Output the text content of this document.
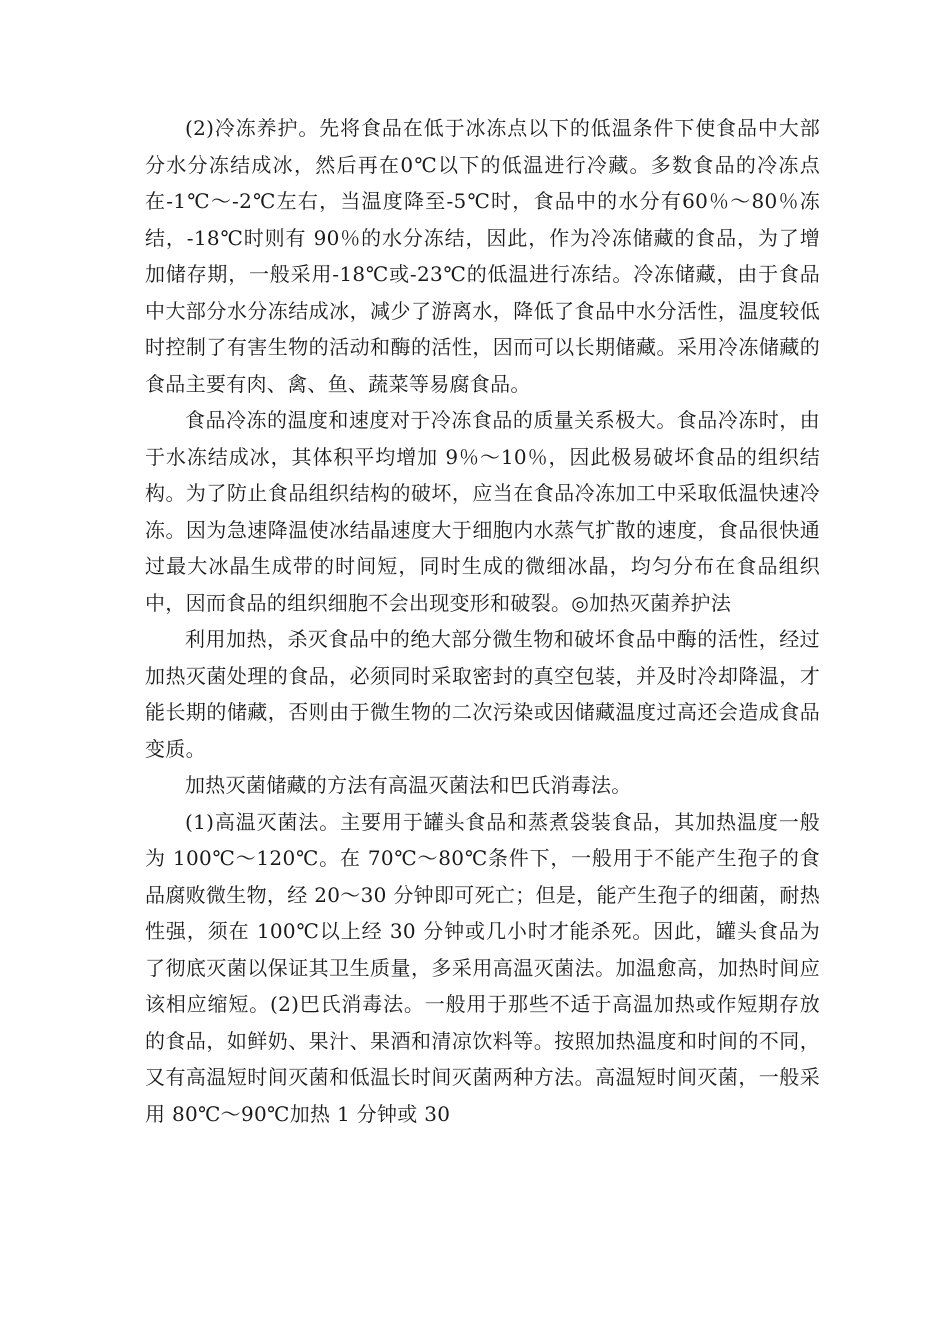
(2)冷冻养护。先将食品在低于冰冻点以下的低温条件下使食品中大部分水分冻结成冰，然后再在0℃以下的低温进行冷藏。多数食品的冷冻点在-1℃～-2℃左右，当温度降至-5℃时，食品中的水分有60％～80％冻结，-18℃时则有 90％的水分冻结，因此，作为冷冻储藏的食品，为了增加储存期，一般采用-18℃或-23℃的低温进行冻结。冷冻储藏，由于食品中大部分水分冻结成冰，减少了游离水，降低了食品中水分活性，温度较低时控制了有害生物的活动和酶的活性，因而可以长期储藏。采用冷冻储藏的食品主要有肉、禽、鱼、蔬菜等易腐食品。

食品冷冻的温度和速度对于冷冻食品的质量关系极大。食品冷冻时，由于水冻结成冰，其体积平均增加 9％～10％，因此极易破坏食品的组织结构。为了防止食品组织结构的破坏，应当在食品冷冻加工中采取低温快速冷冻。因为急速降温使冰结晶速度大于细胞内水蒸气扩散的速度，食品很快通过最大冰晶生成带的时间短，同时生成的微细冰晶，均匀分布在食品组织中，因而食品的组织细胞不会出现变形和破裂。◎加热灭菌养护法

利用加热，杀灭食品中的绝大部分微生物和破坏食品中酶的活性，经过加热灭菌处理的食品，必须同时采取密封的真空包装，并及时冷却降温，才能长期的储藏，否则由于微生物的二次污染或因储藏温度过高还会造成食品变质。

加热灭菌储藏的方法有高温灭菌法和巴氏消毒法。

(1)高温灭菌法。主要用于罐头食品和蒸煮袋装食品，其加热温度一般为 100℃～120℃。在 70℃～80℃条件下，一般用于不能产生孢子的食品腐败微生物，经 20～30 分钟即可死亡；但是，能产生孢子的细菌，耐热性强，须在 100℃以上经 30 分钟或几小时才能杀死。因此，罐头食品为了彻底灭菌以保证其卫生质量，多采用高温灭菌法。加温愈高，加热时间应该相应缩短。(2)巴氏消毒法。一般用于那些不适于高温加热或作短期存放的食品，如鲜奶、果汁、果酒和清凉饮料等。按照加热温度和时间的不同，又有高温短时间灭菌和低温长时间灭菌两种方法。高温短时间灭菌，一般采用 80℃～90℃加热 1 分钟或 30
